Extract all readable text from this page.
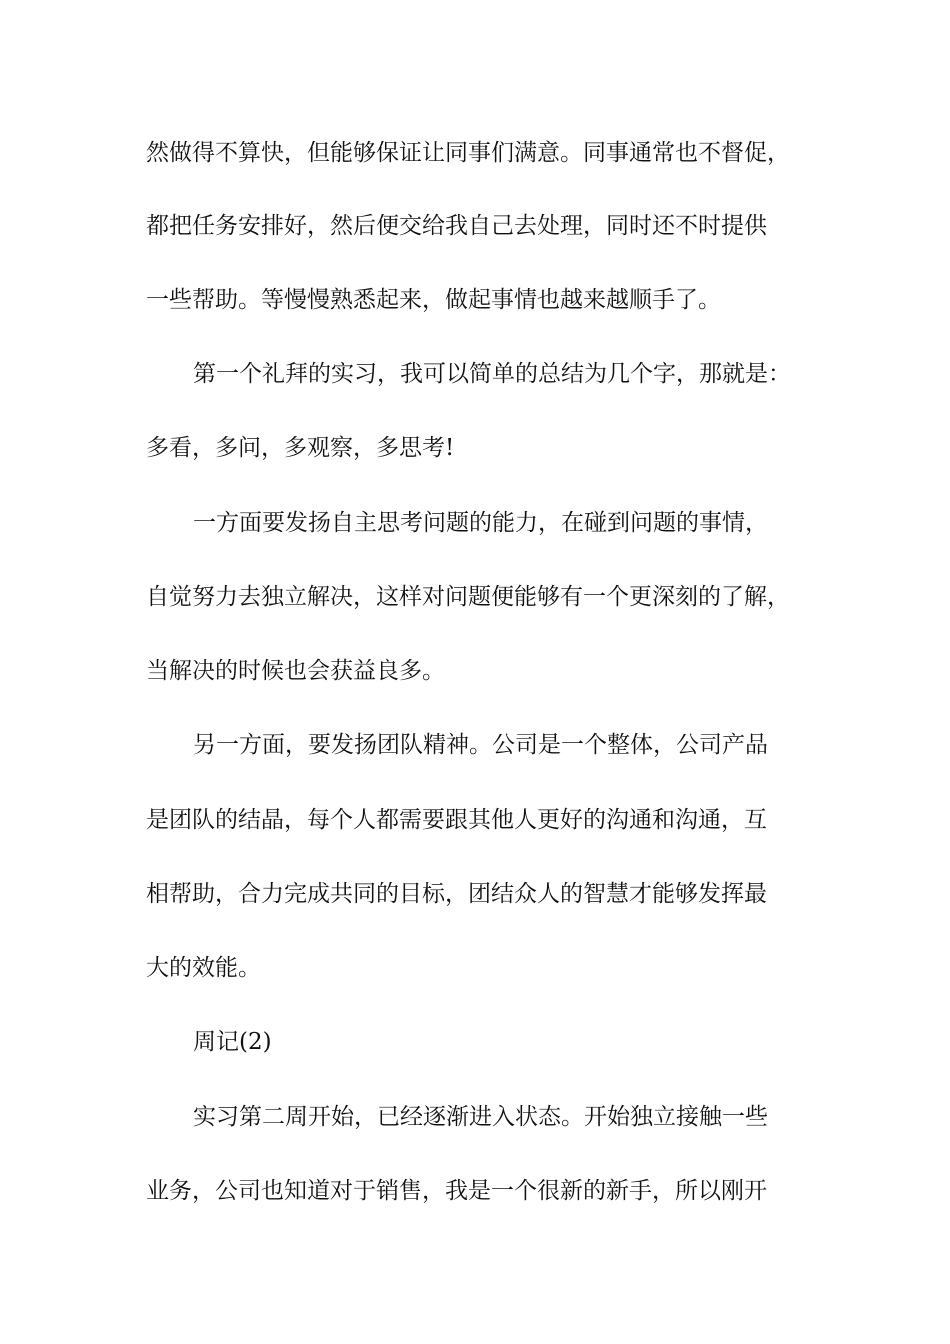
然做得不算快，但能够保证让同事们满意。同事通常也不督促，
都把任务安排好，然后便交给我自己去处理，同时还不时提供
一些帮助。等慢慢熟悉起来，做起事情也越来越顺手了。
第一个礼拜的实习，我可以简单的总结为几个字，那就是：
多看，多问，多观察，多思考!
一方面要发扬自主思考问题的能力，在碰到问题的事情，
自觉努力去独立解决，这样对问题便能够有一个更深刻的了解，
当解决的时候也会获益良多。
另一方面，要发扬团队精神。公司是一个整体，公司产品
是团队的结晶，每个人都需要跟其他人更好的沟通和沟通，互
相帮助，合力完成共同的目标，团结众人的智慧才能够发挥最
大的效能。
周记(2)
实习第二周开始，已经逐渐进入状态。开始独立接触一些
业务，公司也知道对于销售，我是一个很新的新手，所以刚开
